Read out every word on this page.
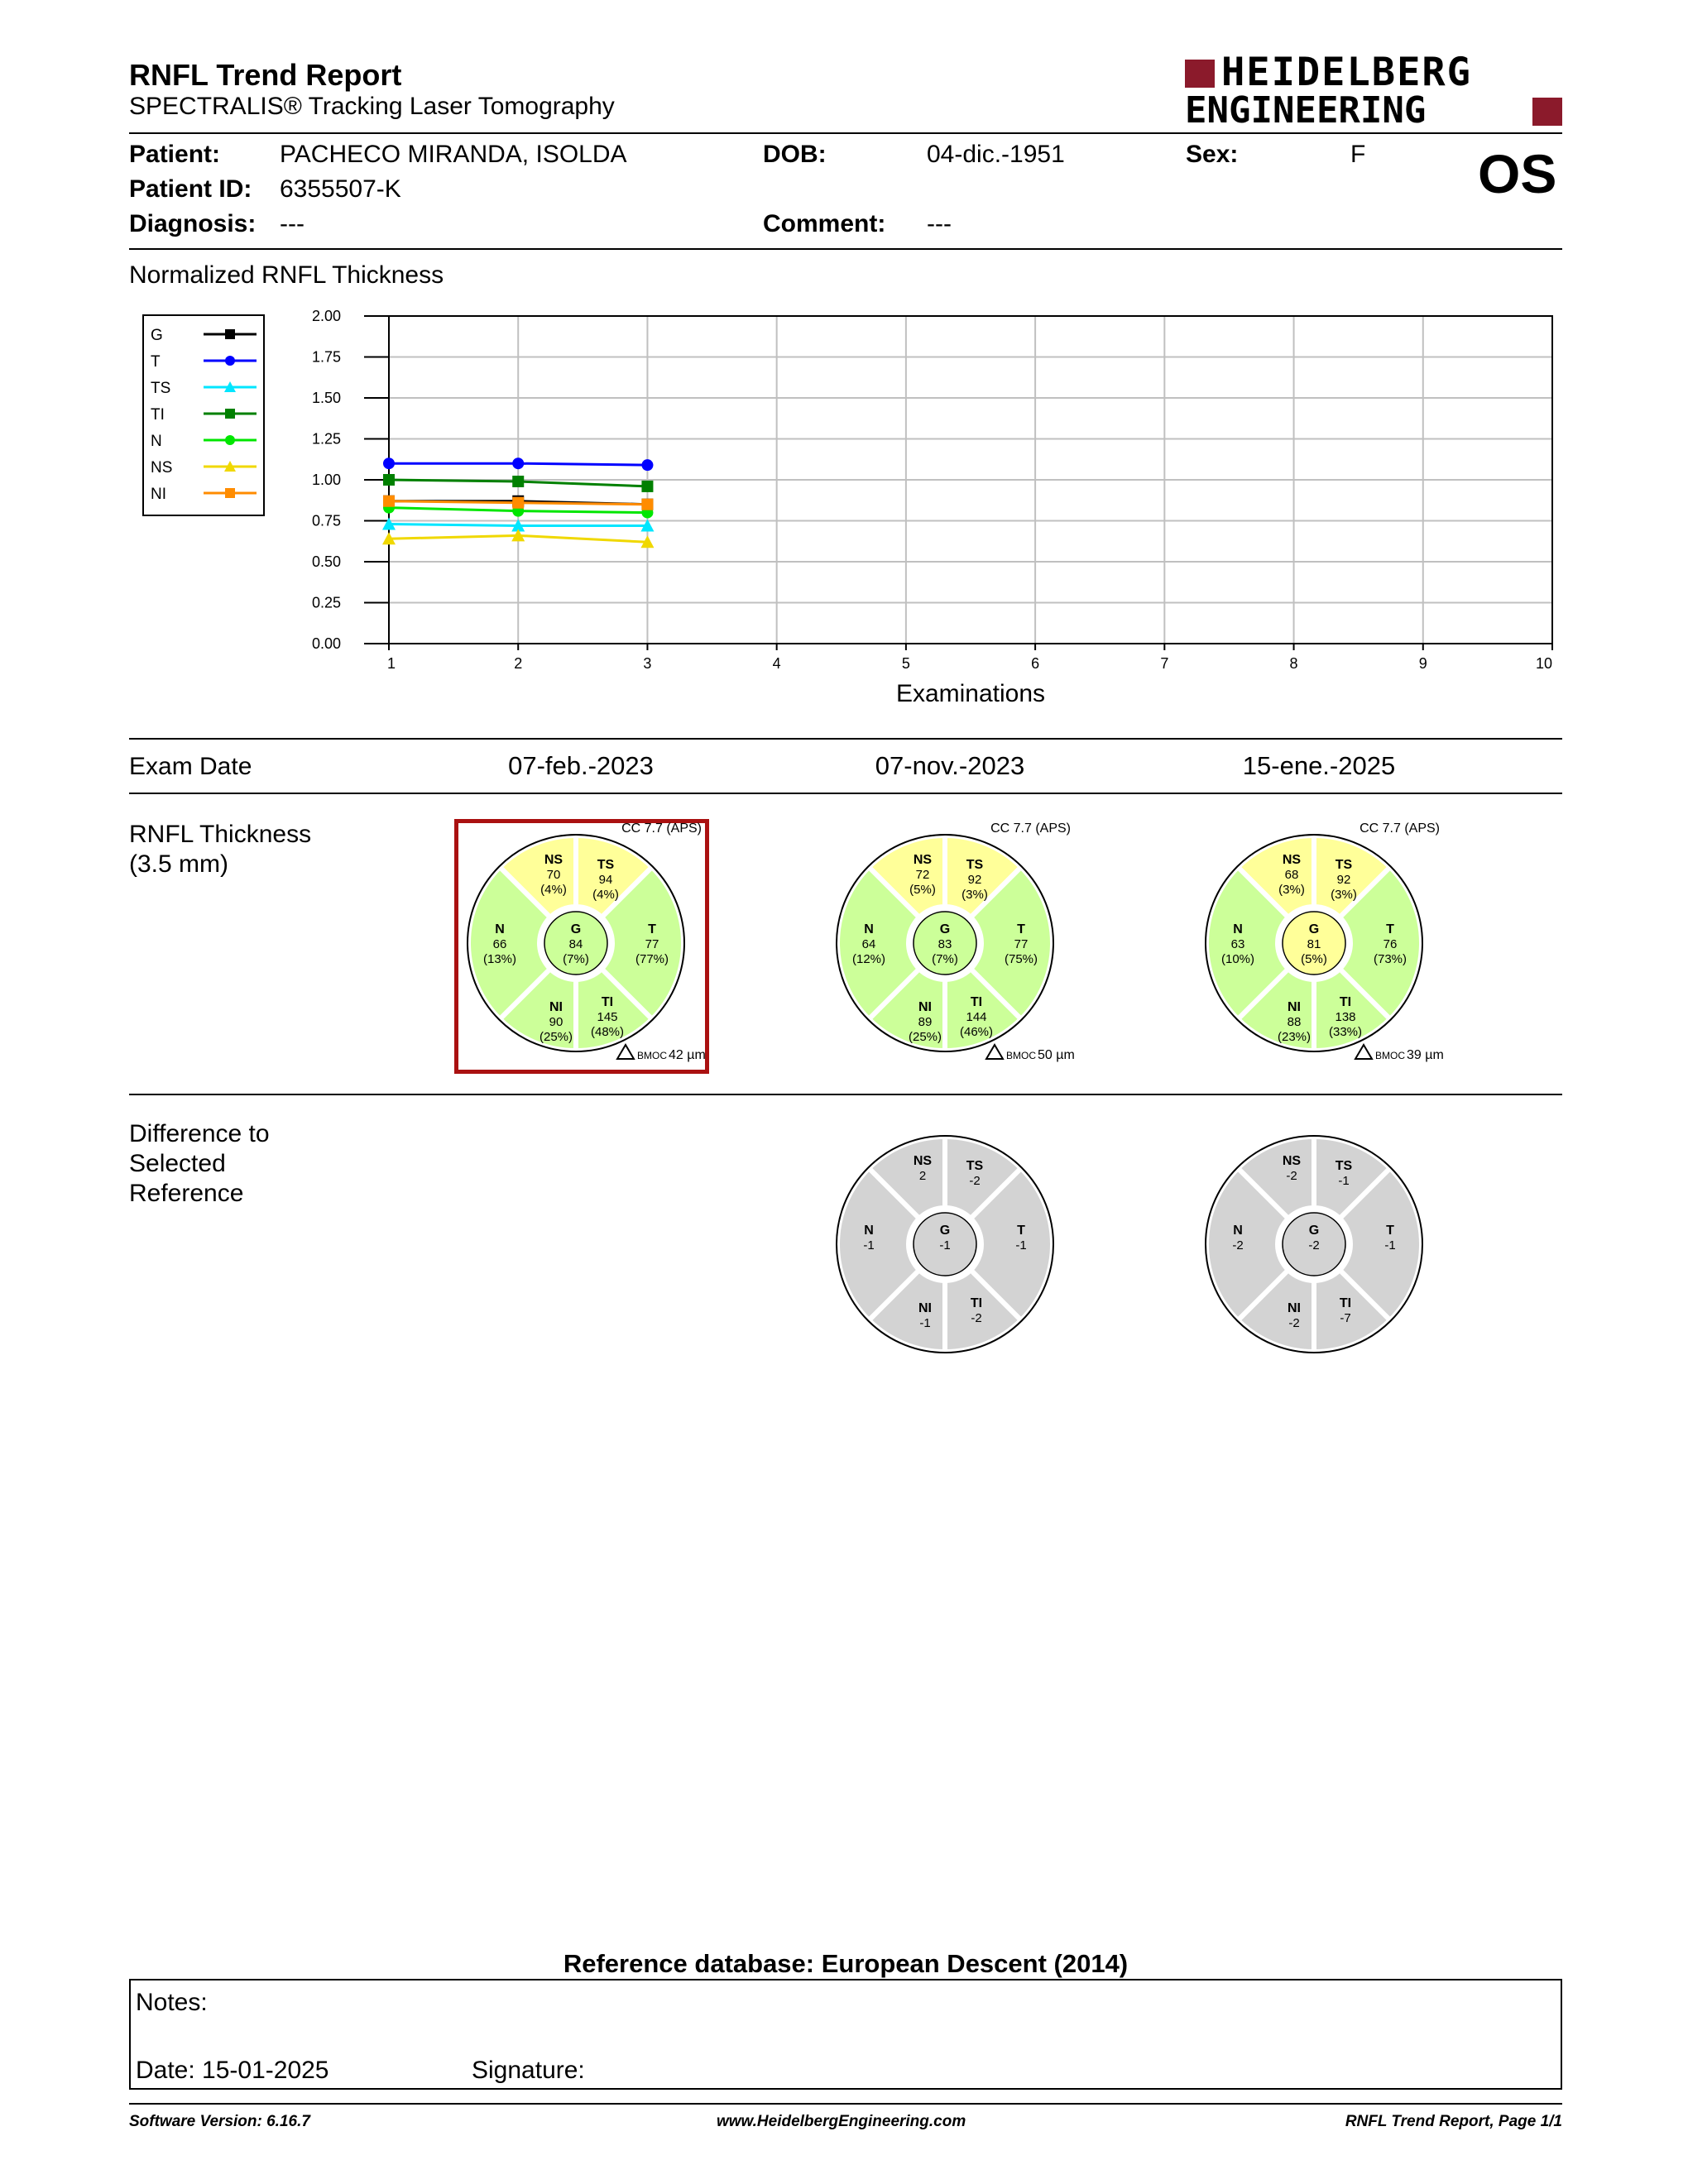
RNFL Trend Report
SPECTRALIS® Tracking Laser Tomography
HEIDELBERG
ENGINEERING
Patient: PACHECO MIRANDA, ISOLDA	DOB:	04-dic.-1951	Sex:	F OS
Patient ID: 6355507-K
Diagnosis: ---	Comment: ---
Normalized RNFL Thickness
G
T
TS
TI
N
NS
NI
0.00
0.25
0.50
0.75
1.00
1.25
1.50
1.75
2.00
1	2	3	4	5	6	7	8	9	10
Examinations
Exam Date	07-feb.-2023	07-nov.-2023	15-ene.-2025
RNFL Thickness
(3.5 mm)	NS
70
(4%)
TS
94
(4%)
T
77
(77%)
TI
145
(48%)
NI
90
(25%)
N
66
(13%)
G
84
(7%)
CC 7.7 (APS)
BMOC 42 µm
NS
72
(5%)
TS
92
(3%)
T
77
(75%)
TI
144
(46%)
NI
89
(25%)
N
64
(12%)
G
83
(7%)
CC 7.7 (APS)
BMOC 50 µm
NS
68
(3%)
TS
92
(3%)
T
76
(73%)
TI
138
(33%)
NI
88
(23%)
N
63
(10%)
G
81
(5%)
CC 7.7 (APS)
BMOC 39 µm
Difference to
Selected
Reference
NS
2
TS
-2
T
-1
TI
-2
NI
-1
N
-1
G
-1
NS
-2
TS
-1
T
-1
TI
-7
NI
-2
N
-2
G
-2
Reference database: European Descent (2014)
Notes:
Date: 15-01-2025	Signature:
Software Version: 6.16.7	www.HeidelbergEngineering.com	RNFL Trend Report, Page 1/1
